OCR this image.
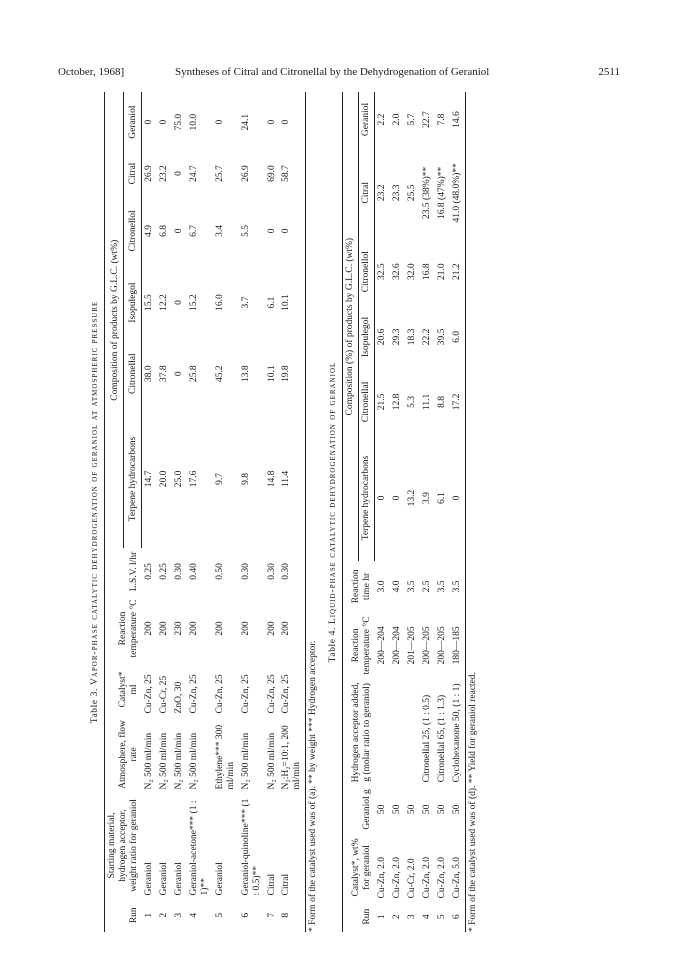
October, 1968]	Syntheses of Citral and Citronellal by the Dehydrogenation of Geraniol	2511
Table 3. Vapor-phase catalytic dehydrogenation of geraniol at atmospheric pressure
Run	Starting material, hydrogen acceptor, weight ratio for geraniol	Atmosphere, flow rate	Catalyst* ml	Reaction temperature °C	L.S.V. l/hr	Composition of products by G.L.C. (wt%)					
						Terpene hydrocarbons	Citronellal	Isopulegol	Citronellol	Citral	Geraniol
1	Geraniol	N₂ 500 ml/min	Cu-Zn, 25	200	0.25	14.7	38.0	15.5	4.9	26.9	0
2	Geraniol	N₂ 500 ml/min	Cu-Cr, 25	200	0.25	20.0	37.8	12.2	6.8	23.2	0
3	Geraniol	N₂ 500 ml/min	ZnO, 30	230	0.30	25.0	0	0	0	0	75.0
4	Geraniol-acetone*** (1 : 1)**	N₂ 500 ml/min	Cu-Zn, 25	200	0.40	17.6	25.8	15.2	6.7	24.7	10.0
5	Geraniol	Ethylene*** 300 ml/min	Cu-Zn, 25	200	0.50	9.7	45.2	16.0	3.4	25.7	0
6	Geraniol-quinoline*** (1 : 0.5)**	N₂ 500 ml/min	Cu-Zn, 25	200	0.30	9.8	13.8	3.7	5.5	26.9	24.1
7	Citral	N₂ 500 ml/min	Cu-Zn, 25	200	0.30	14.8	10.1	6.1	0	69.0	0
8	Citral	N₂:H₂=10:1, 200 ml/min	Cu-Zn, 25	200	0.30	11.4	19.8	10.1	0	58.7	0
* Form of the catalyst used was of (a). ** by weight *** Hydrogen acceptor. Table 4. Liquid-phase catalytic dehydrogenation of geraniol
Run	Catalyst*, wt% for geraniol	Geraniol g	Hydrogen acceptor added, g (molar ratio to geraniol)	Reaction temperature °C	Reaction time hr	Composition (%) of products by G.L.C. (wt%)					
						Terpene hydrocarbons	Citronellal	Isopulegol	Citronellol	Citral	Geraniol
1	Cu-Zn, 2.0	50		200—204	3.0	0	21.5	20.6	32.5	23.2	2.2
2	Cu-Zn, 2.0	50		200—204	4.0	0	12.8	29.3	32.6	23.3	2.0
3	Cu-Cr, 2.0	50		201—205	3.5	13.2	5.3	18.3	32.0	25.5	5.7
4	Cu-Zn, 2.0	50	Citronellal 25, (1 : 0.5)	200—205	2.5	3.9	11.1	22.2	16.8	23.5 (38%)**	22.7
5	Cu-Zn, 2.0	50	Citronellal 65, (1 : 1.3)	200—205	3.5	6.1	8.8	39.5	21.0	16.8 (47%)**	7.8
6	Cu-Zn, 5.0	50	Cyclohexanone 50, (1 : 1)	180—185	3.5	0	17.2	6.0	21.2	41.0 (48.0%)**	14.6
* Form of the catalyst used was of (d). ** Yield for geraniol reacted.
